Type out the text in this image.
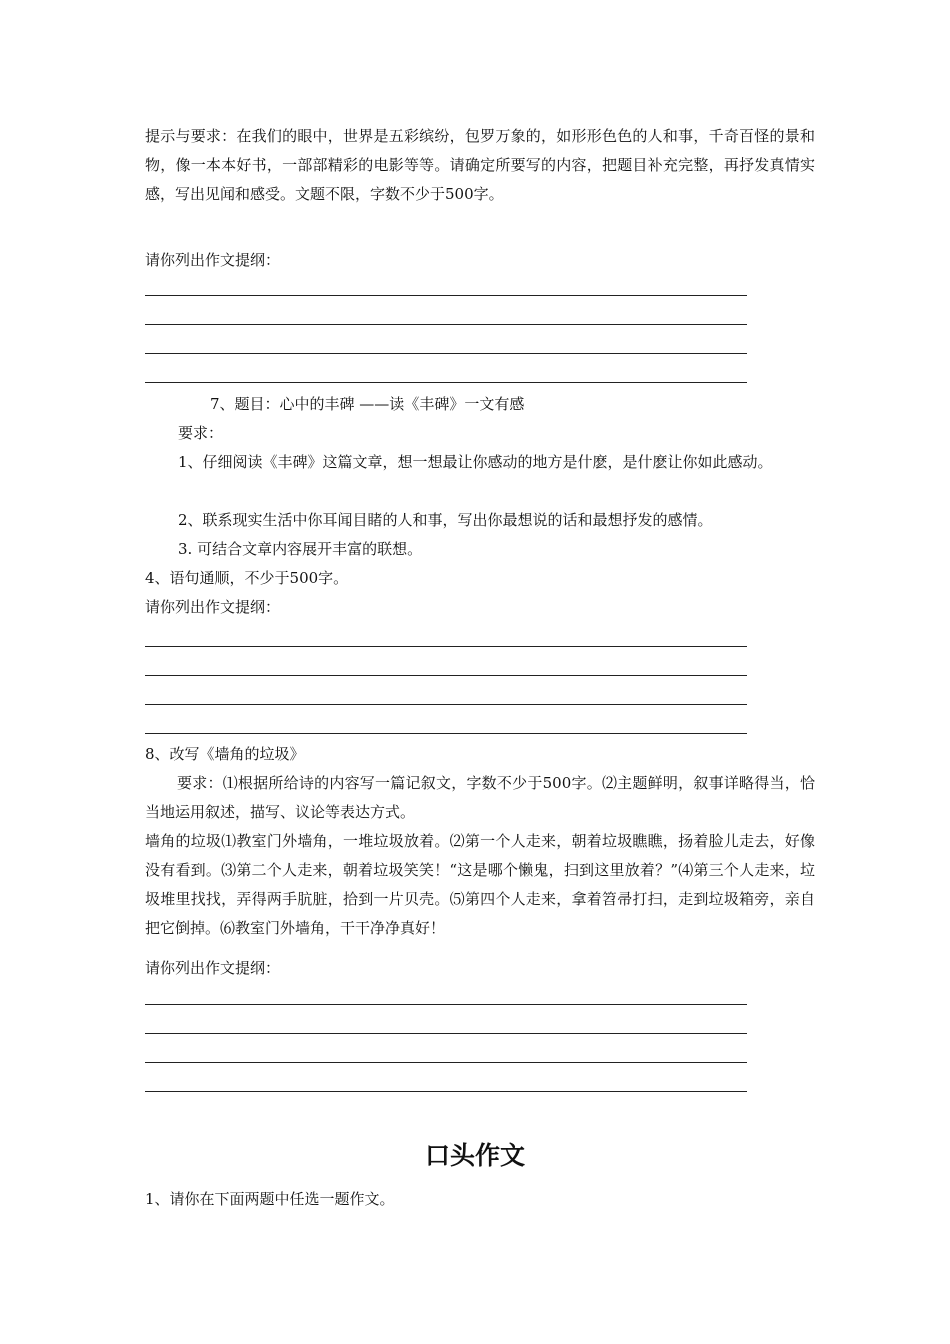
提示与要求：在我们的眼中，世界是五彩缤纷，包罗万象的，如形形色色的人和事，千奇百怪的景和物，像一本本好书，一部部精彩的电影等等。请确定所要写的内容，把题目补充完整，再抒发真情实感，写出见闻和感受。文题不限，字数不少于500字。
请你列出作文提纲：
7、题目：心中的丰碑 ——读《丰碑》一文有感
要求：
1、仔细阅读《丰碑》这篇文章，想一想最让你感动的地方是什麽，是什麽让你如此感动。
2、联系现实生活中你耳闻目睹的人和事，写出你最想说的话和最想抒发的感情。
3. 可结合文章内容展开丰富的联想。
4、语句通顺，不少于500字。
请你列出作文提纲：
8、改写《墙角的垃圾》
要求：⑴根据所给诗的内容写一篇记叙文，字数不少于500字。⑵主题鲜明，叙事详略得当，恰当地运用叙述，描写、议论等表达方式。
墙角的垃圾⑴教室门外墙角，一堆垃圾放着。⑵第一个人走来，朝着垃圾瞧瞧，扬着脸儿走去，好像没有看到。⑶第二个人走来，朝着垃圾笑笑！“这是哪个懒鬼，扫到这里放着？”⑷第三个人走来，垃圾堆里找找，弄得两手肮脏，拾到一片贝壳。⑸第四个人走来，拿着笤帚打扫，走到垃圾箱旁，亲自把它倒掉。⑹教室门外墙角，干干净净真好！
请你列出作文提纲：
口头作文
1、请你在下面两题中任选一题作文。
